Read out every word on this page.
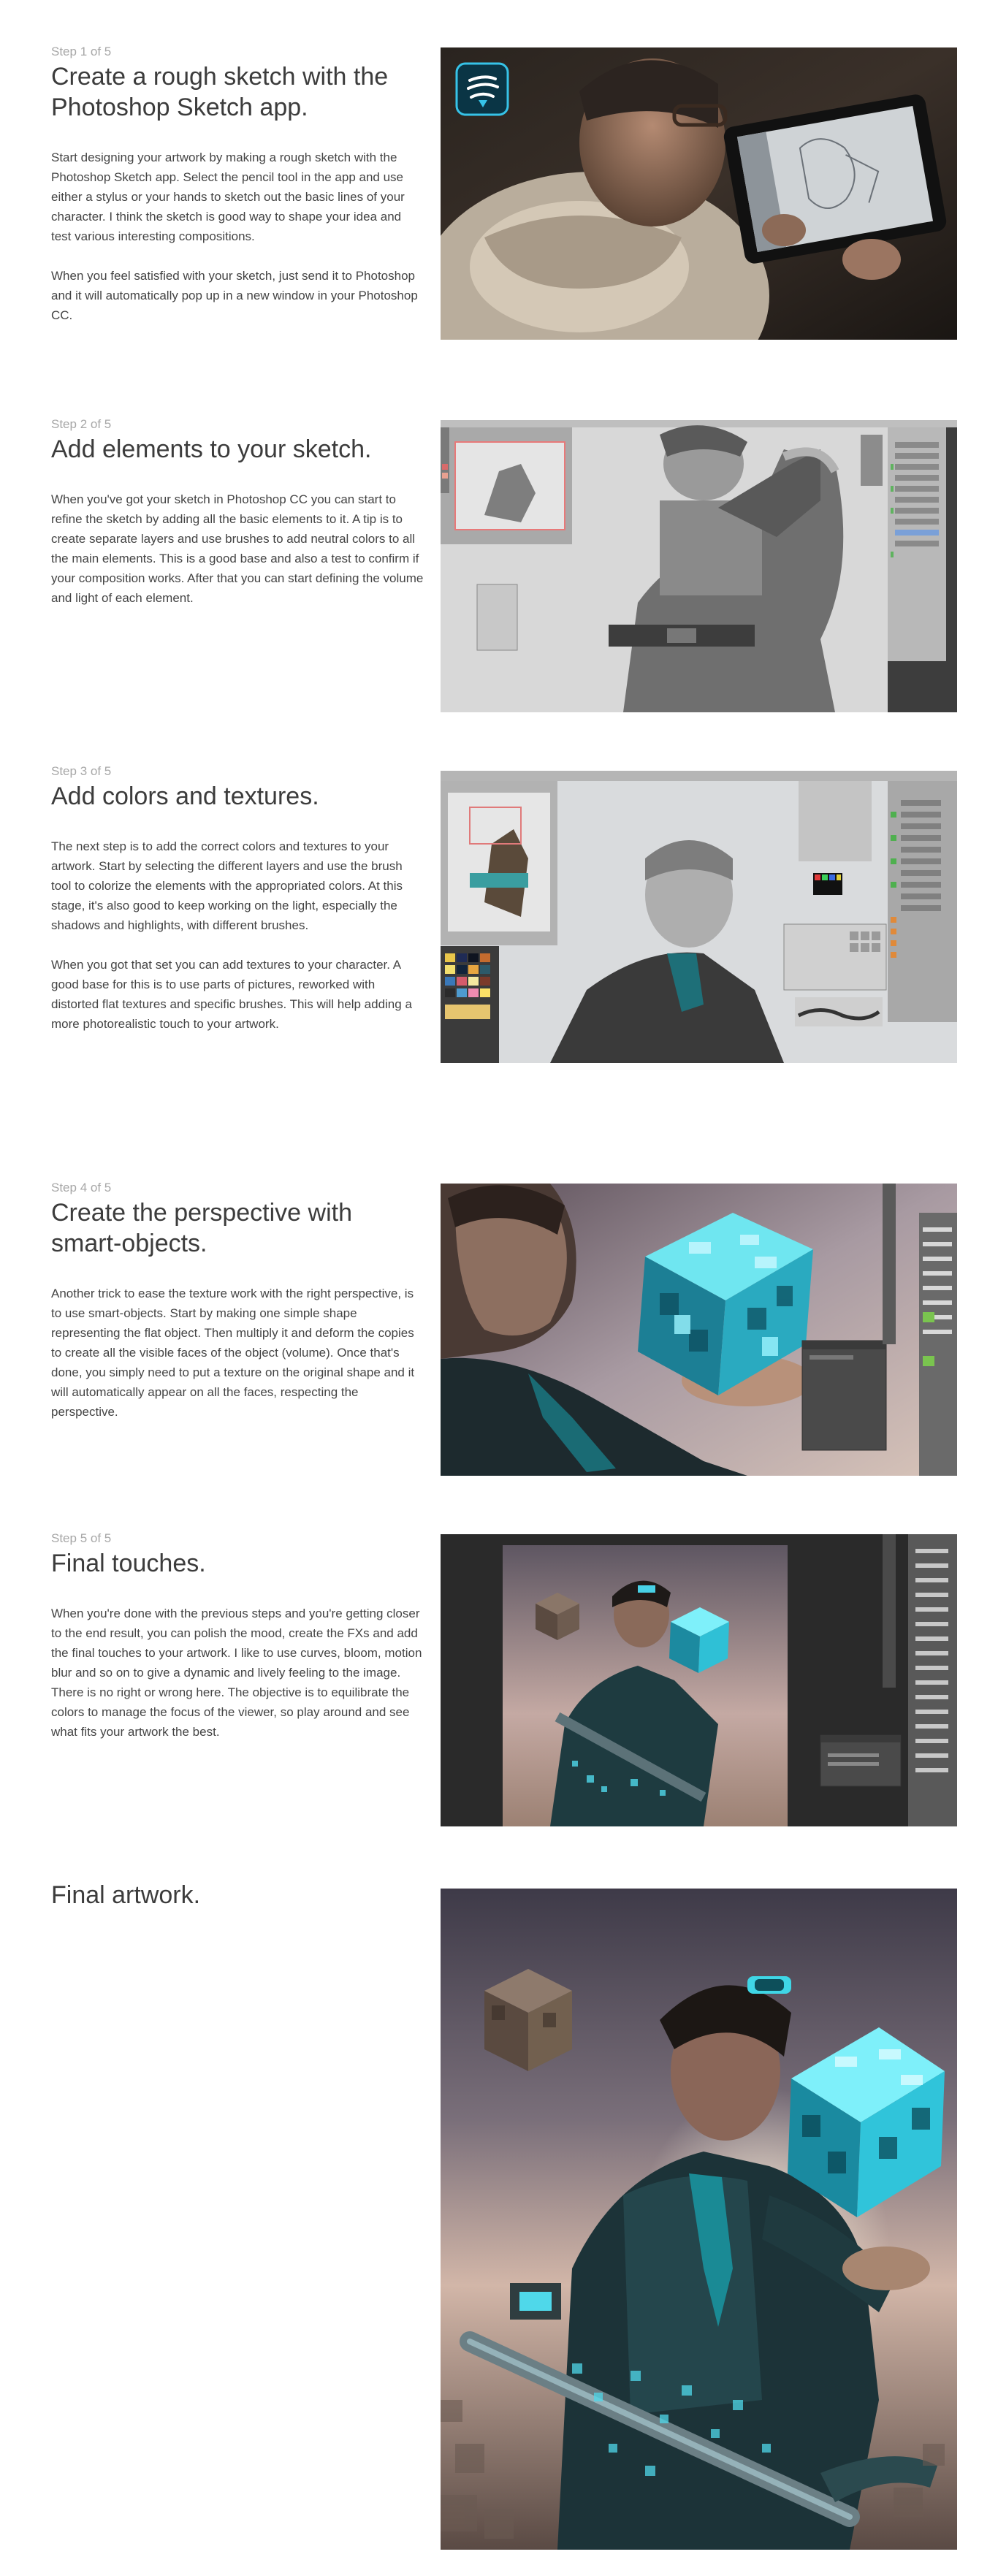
Step 1 of 5

Create a rough sketch with the
Photoshop Sketch app.

Start designing your artwork by making a rough sketch with the Photoshop Sketch app. Select the pencil tool in the app and use either a stylus or your hands to sketch out the basic lines of your character. I think the sketch is good way to shape your idea and test various interesting compositions.

When you feel satisfied with your sketch, just send it to Photoshop and it will automatically pop up in a new window in your Photoshop CC.

Step 2 of 5

Add elements to your sketch.

When you've got your sketch in Photoshop CC you can start to refine the sketch by adding all the basic elements to it. A tip is to create separate layers and use brushes to add neutral colors to all the main elements. This is a good base and also a test to confirm if your composition works. After that you can start defining the volume and light of each element.

Step 3 of 5

Add colors and textures.

The next step is to add the correct colors and textures to your artwork. Start by selecting the different layers and use the brush tool to colorize the elements with the appropriated colors. At this stage, it's also good to keep working on the light, especially the shadows and highlights, with different brushes.

When you got that set you can add textures to your character. A good base for this is to use parts of pictures, reworked with distorted flat textures and specific brushes. This will help adding a more photorealistic touch to your artwork.

Step 4 of 5

Create the perspective with
smart-objects.

Another trick to ease the texture work with the right perspective, is to use smart-objects. Start by making one simple shape representing the flat object. Then multiply it and deform the copies to create all the visible faces of the object (volume). Once that's done, you simply need to put a texture on the original shape and it will automatically appear on all the faces, respecting the perspective.

Step 5 of 5

Final touches.

When you're done with the previous steps and you're getting closer to the end result, you can polish the mood, create the FXs and add the final touches to your artwork. I like to use curves, bloom, motion blur and so on to give a dynamic and lively feeling to the image. There is no right or wrong here. The objective is to equilibrate the colors to manage the focus of the viewer, so play around and see what fits your artwork the best.

Final artwork.
